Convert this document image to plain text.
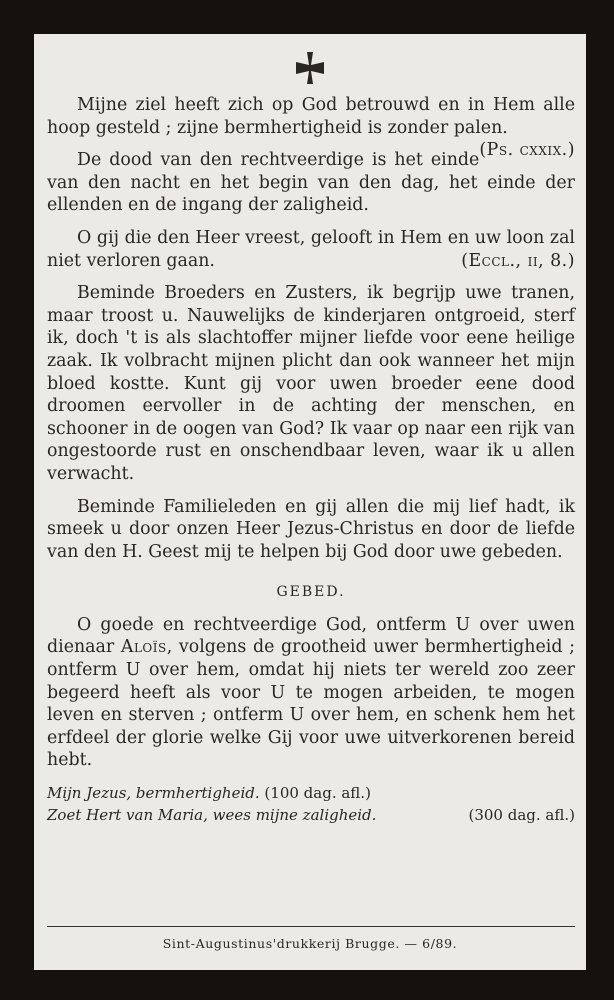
Mijne ziel heeft zich op God betrouwd en in Hem alle hoop gesteld ; zijne bermhertigheid is zonder palen.
(Ps. cxxix.)

De dood van den rechtveerdige is het einde van den nacht en het begin van den dag, het einde der ellenden en de ingang der zaligheid.

O gij die den Heer vreest, gelooft in Hem en uw loon zal niet verloren gaan.	(Eccl., ii, 8.)

Beminde Broeders en Zusters, ik begrijp uwe tranen, maar troost u. Nauwelijks de kinderjaren ontgroeid, sterf ik, doch 't is als slachtoffer mijner liefde voor eene heilige zaak. Ik volbracht mijnen plicht dan ook wanneer het mijn bloed kostte. Kunt gij voor uwen broeder eene dood droomen eervoller in de achting der menschen, en schooner in de oogen van God? Ik vaar op naar een rijk van ongestoorde rust en onschendbaar leven, waar ik u allen verwacht.

Beminde Familieleden en gij allen die mij lief hadt, ik smeek u door onzen Heer Jezus-Christus en door de liefde van den H. Geest mij te helpen bij God door uwe gebeden.

GEBED.

O goede en rechtveerdige God, ontferm U over uwen dienaar Aloïs, volgens de grootheid uwer bermhertigheid ; ontferm U over hem, omdat hij niets ter wereld zoo zeer begeerd heeft als voor U te mogen arbeiden, te mogen leven en sterven ; ontferm U over hem, en schenk hem het erfdeel der glorie welke Gij voor uwe uitverkorenen bereid hebt.

Mijn Jezus, bermhertigheid. (100 dag. afl.)

Zoet Hert van Maria, wees mijne zaligheid.	(300 dag. afl.)

Sint-Augustinus'drukkerij Brugge. — 6/89.
